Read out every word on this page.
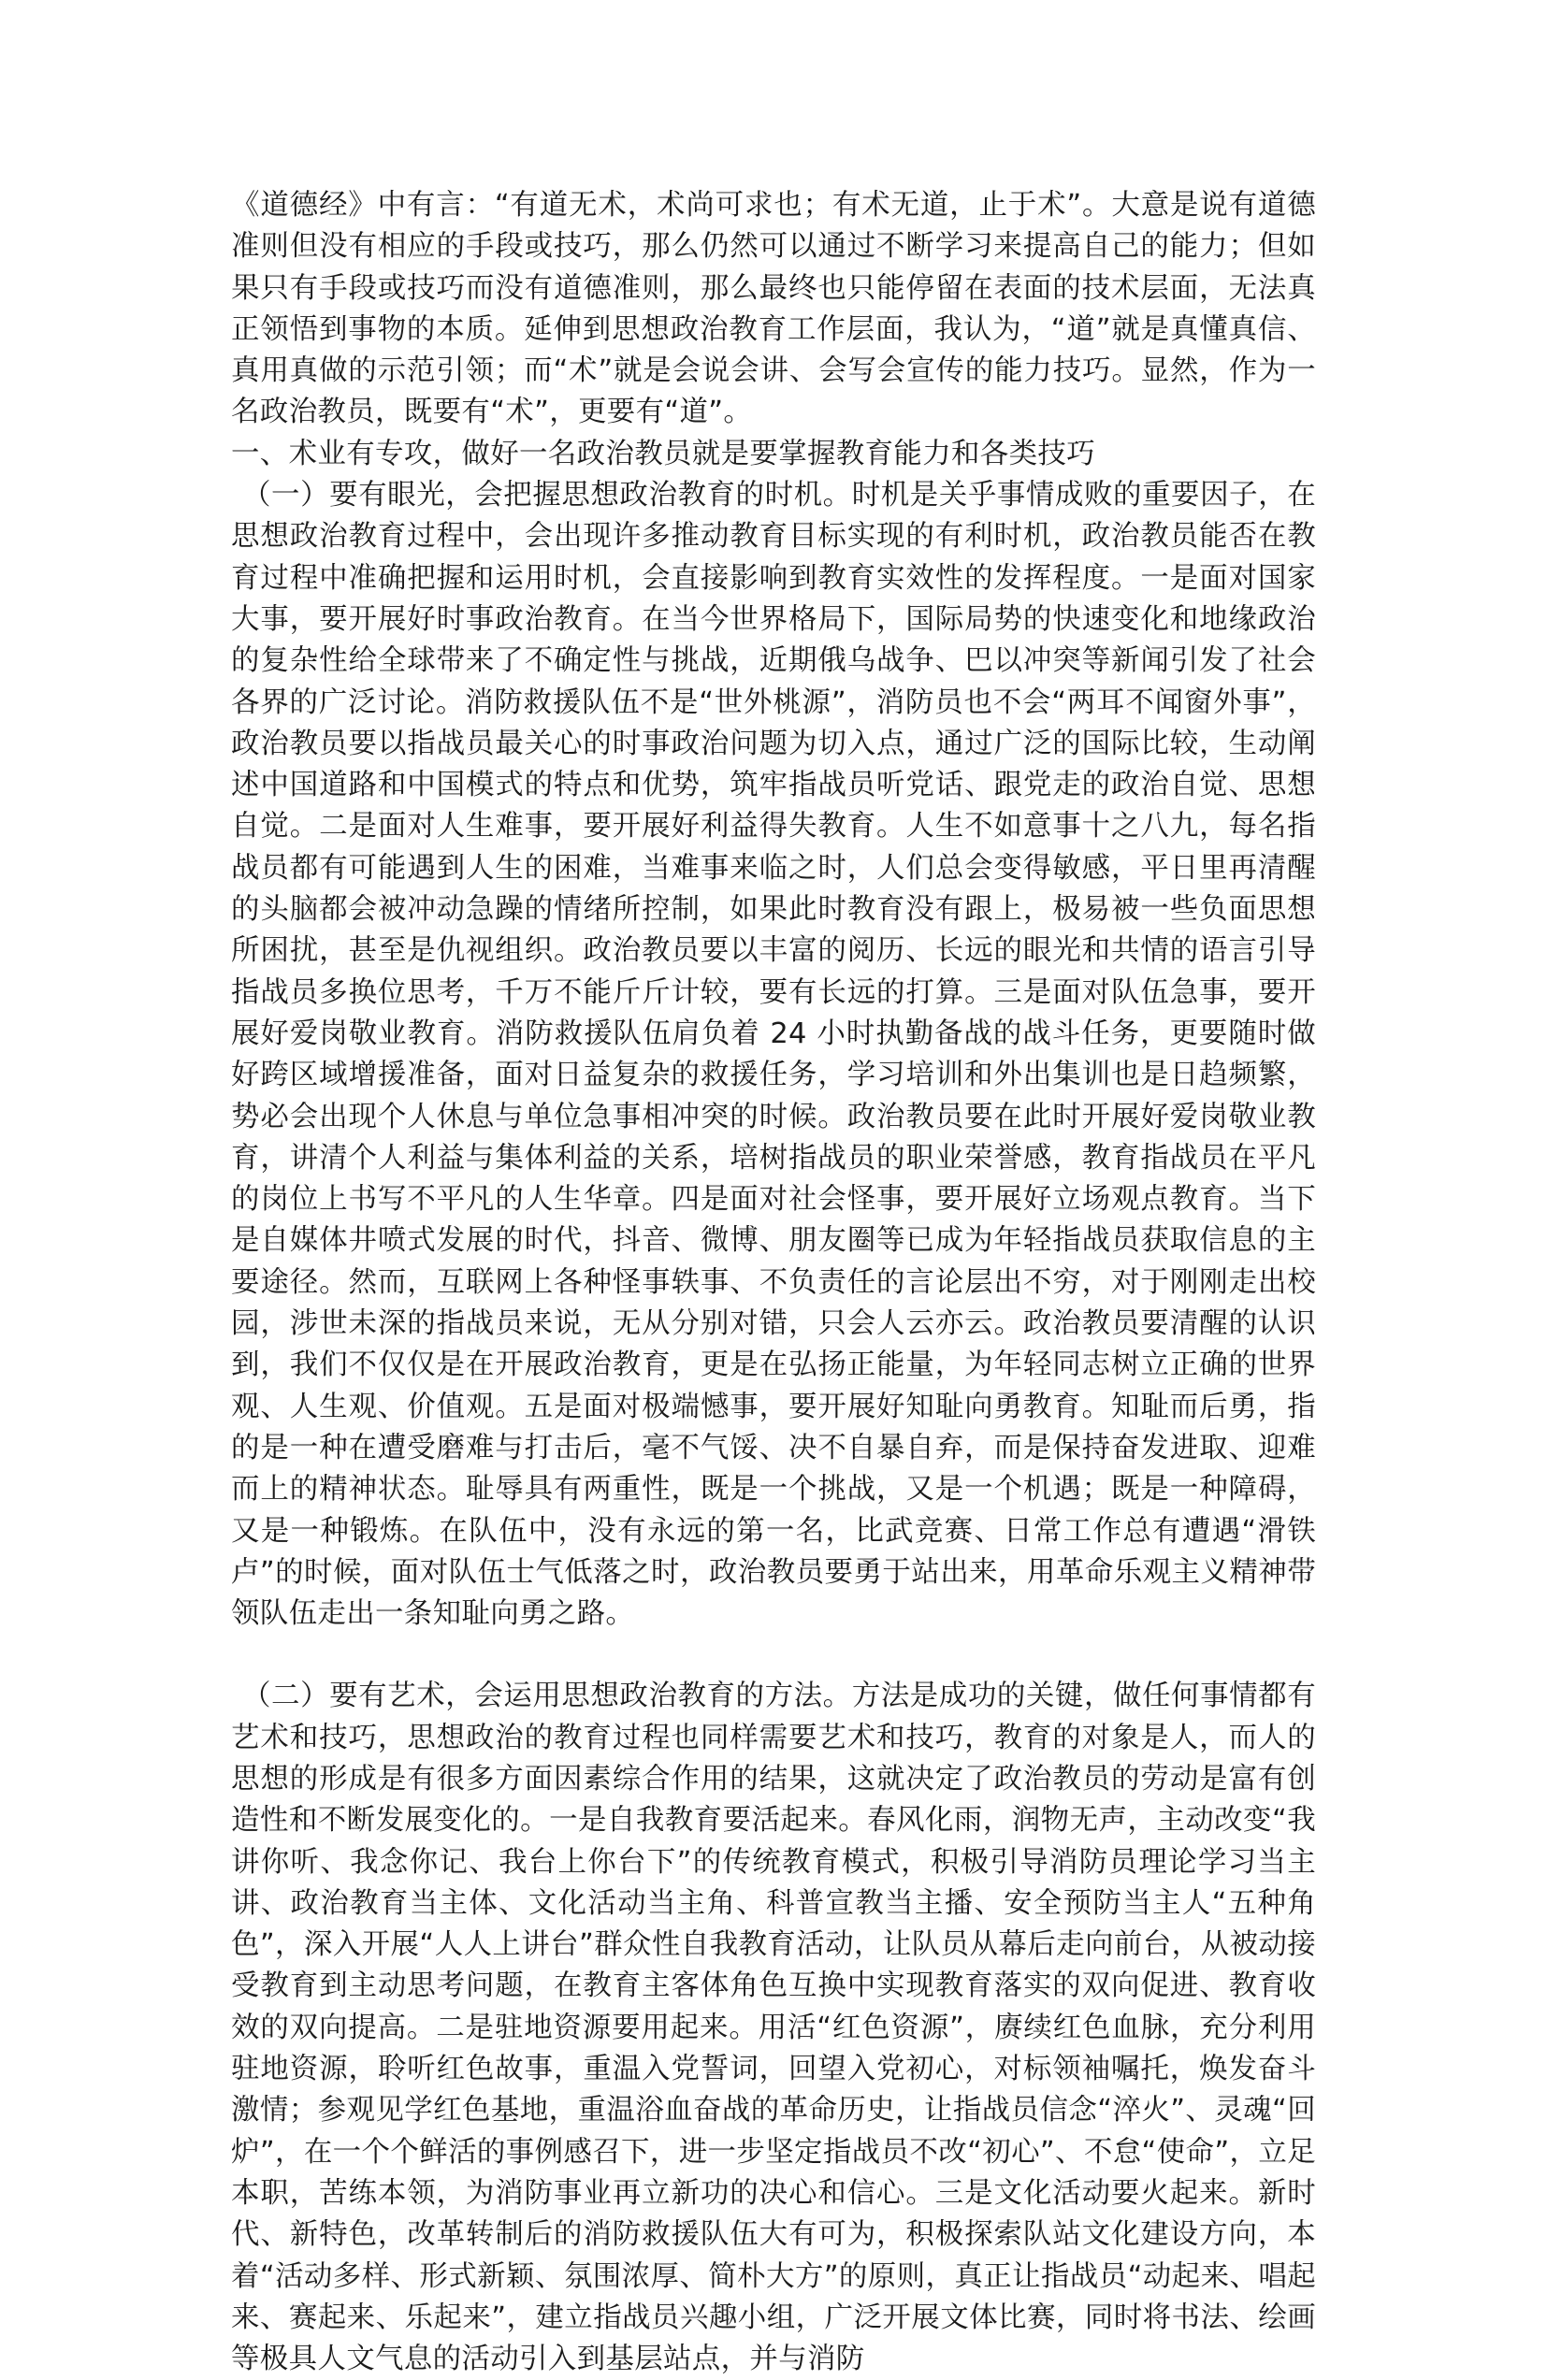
《道德经》中有言：“有道无术，术尚可求也；有术无道，止于术”。大意是说有道德准则但没有相应的手段或技巧，那么仍然可以通过不断学习来提高自己的能力；但如果只有手段或技巧而没有道德准则，那么最终也只能停留在表面的技术层面，无法真正领悟到事物的本质。延伸到思想政治教育工作层面，我认为，“道”就是真懂真信、真用真做的示范引领；而“术”就是会说会讲、会写会宣传的能力技巧。显然，作为一名政治教员，既要有“术”，更要有“道”。

一、术业有专攻，做好一名政治教员就是要掌握教育能力和各类技巧

（一）要有眼光，会把握思想政治教育的时机。时机是关乎事情成败的重要因子，在思想政治教育过程中，会出现许多推动教育目标实现的有利时机，政治教员能否在教育过程中准确把握和运用时机，会直接影响到教育实效性的发挥程度。一是面对国家大事，要开展好时事政治教育。在当今世界格局下，国际局势的快速变化和地缘政治的复杂性给全球带来了不确定性与挑战，近期俄乌战争、巴以冲突等新闻引发了社会各界的广泛讨论。消防救援队伍不是“世外桃源”，消防员也不会“两耳不闻窗外事”，政治教员要以指战员最关心的时事政治问题为切入点，通过广泛的国际比较，生动阐述中国道路和中国模式的特点和优势，筑牢指战员听党话、跟党走的政治自觉、思想自觉。二是面对人生难事，要开展好利益得失教育。人生不如意事十之八九，每名指战员都有可能遇到人生的困难，当难事来临之时，人们总会变得敏感，平日里再清醒的头脑都会被冲动急躁的情绪所控制，如果此时教育没有跟上，极易被一些负面思想所困扰，甚至是仇视组织。政治教员要以丰富的阅历、长远的眼光和共情的语言引导指战员多换位思考，千万不能斤斤计较，要有长远的打算。三是面对队伍急事，要开展好爱岗敬业教育。消防救援队伍肩负着 24 小时执勤备战的战斗任务，更要随时做好跨区域增援准备，面对日益复杂的救援任务，学习培训和外出集训也是日趋频繁，势必会出现个人休息与单位急事相冲突的时候。政治教员要在此时开展好爱岗敬业教育，讲清个人利益与集体利益的关系，培树指战员的职业荣誉感，教育指战员在平凡的岗位上书写不平凡的人生华章。四是面对社会怪事，要开展好立场观点教育。当下是自媒体井喷式发展的时代，抖音、微博、朋友圈等已成为年轻指战员获取信息的主要途径。然而，互联网上各种怪事轶事、不负责任的言论层出不穷，对于刚刚走出校园，涉世未深的指战员来说，无从分别对错，只会人云亦云。政治教员要清醒的认识到，我们不仅仅是在开展政治教育，更是在弘扬正能量，为年轻同志树立正确的世界观、人生观、价值观。五是面对极端憾事，要开展好知耻向勇教育。知耻而后勇，指的是一种在遭受磨难与打击后，毫不气馁、决不自暴自弃，而是保持奋发进取、迎难而上的精神状态。耻辱具有两重性，既是一个挑战，又是一个机遇；既是一种障碍，又是一种锻炼。在队伍中，没有永远的第一名，比武竞赛、日常工作总有遭遇“滑铁卢”的时候，面对队伍士气低落之时，政治教员要勇于站出来，用革命乐观主义精神带领队伍走出一条知耻向勇之路。

（二）要有艺术，会运用思想政治教育的方法。方法是成功的关键，做任何事情都有艺术和技巧，思想政治的教育过程也同样需要艺术和技巧，教育的对象是人，而人的思想的形成是有很多方面因素综合作用的结果，这就决定了政治教员的劳动是富有创造性和不断发展变化的。一是自我教育要活起来。春风化雨，润物无声，主动改变“我讲你听、我念你记、我台上你台下”的传统教育模式，积极引导消防员理论学习当主讲、政治教育当主体、文化活动当主角、科普宣教当主播、安全预防当主人“五种角色”，深入开展“人人上讲台”群众性自我教育活动，让队员从幕后走向前台，从被动接受教育到主动思考问题，在教育主客体角色互换中实现教育落实的双向促进、教育收效的双向提高。二是驻地资源要用起来。用活“红色资源”，赓续红色血脉，充分利用驻地资源，聆听红色故事，重温入党誓词，回望入党初心，对标领袖嘱托，焕发奋斗激情；参观见学红色基地，重温浴血奋战的革命历史，让指战员信念“淬火”、灵魂“回炉”，在一个个鲜活的事例感召下，进一步坚定指战员不改“初心”、不怠“使命”，立足本职，苦练本领，为消防事业再立新功的决心和信心。三是文化活动要火起来。新时代、新特色，改革转制后的消防救援队伍大有可为，积极探索队站文化建设方向，本着“活动多样、形式新颖、氛围浓厚、简朴大方”的原则，真正让指战员“动起来、唱起来、赛起来、乐起来”，建立指战员兴趣小组，广泛开展文体比赛，同时将书法、绘画等极具人文气息的活动引入到基层站点，并与消防
